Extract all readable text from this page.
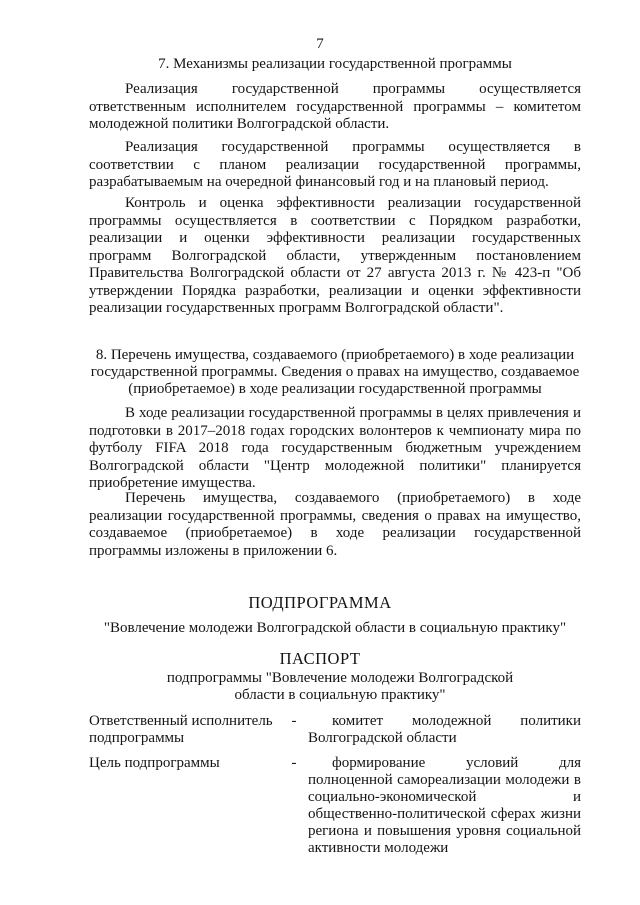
7

7. Механизмы реализации государственной программы

Реализация государственной программы осуществляется ответственным исполнителем государственной программы – комитетом молодежной политики Волгоградской области.

Реализация государственной программы осуществляется в соответствии с планом реализации государственной программы, разрабатываемым на очередной финансовый год и на плановый период.

Контроль и оценка эффективности реализации государственной программы осуществляется в соответствии с Порядком разработки, реализации и оценки эффективности реализации государственных программ Волгоградской области, утвержденным постановлением Правительства Волгоградской области от 27 августа 2013 г. № 423-п "Об утверждении Порядка разработки, реализации и оценки эффективности реализации государственных программ Волгоградской области".

8. Перечень имущества, создаваемого (приобретаемого) в ходе реализации государственной программы. Сведения о правах на имущество, создаваемое (приобретаемое) в ходе реализации государственной программы

В ходе реализации государственной программы в целях привлечения и подготовки в 2017–2018 годах городских волонтеров к чемпионату мира по футболу FIFA 2018 года государственным бюджетным учреждением Волгоградской области "Центр молодежной политики" планируется приобретение имущества.

Перечень имущества, создаваемого (приобретаемого) в ходе реализации государственной программы, сведения о правах на имущество, создаваемое (приобретаемое) в ходе реализации государственной программы изложены в приложении 6.

ПОДПРОГРАММА

"Вовлечение молодежи Волгоградской области в социальную практику"

ПАСПОРТ

подпрограммы "Вовлечение молодежи Волгоградской области в социальную практику"

Ответственный исполнитель подпрограммы	-	комитет молодежной политики Волгоградской области
Цель подпрограммы	-	формирование условий для полноценной самореализации молодежи в социально-экономической и общественно-политической сферах жизни региона и повышения уровня социальной активности молодежи
